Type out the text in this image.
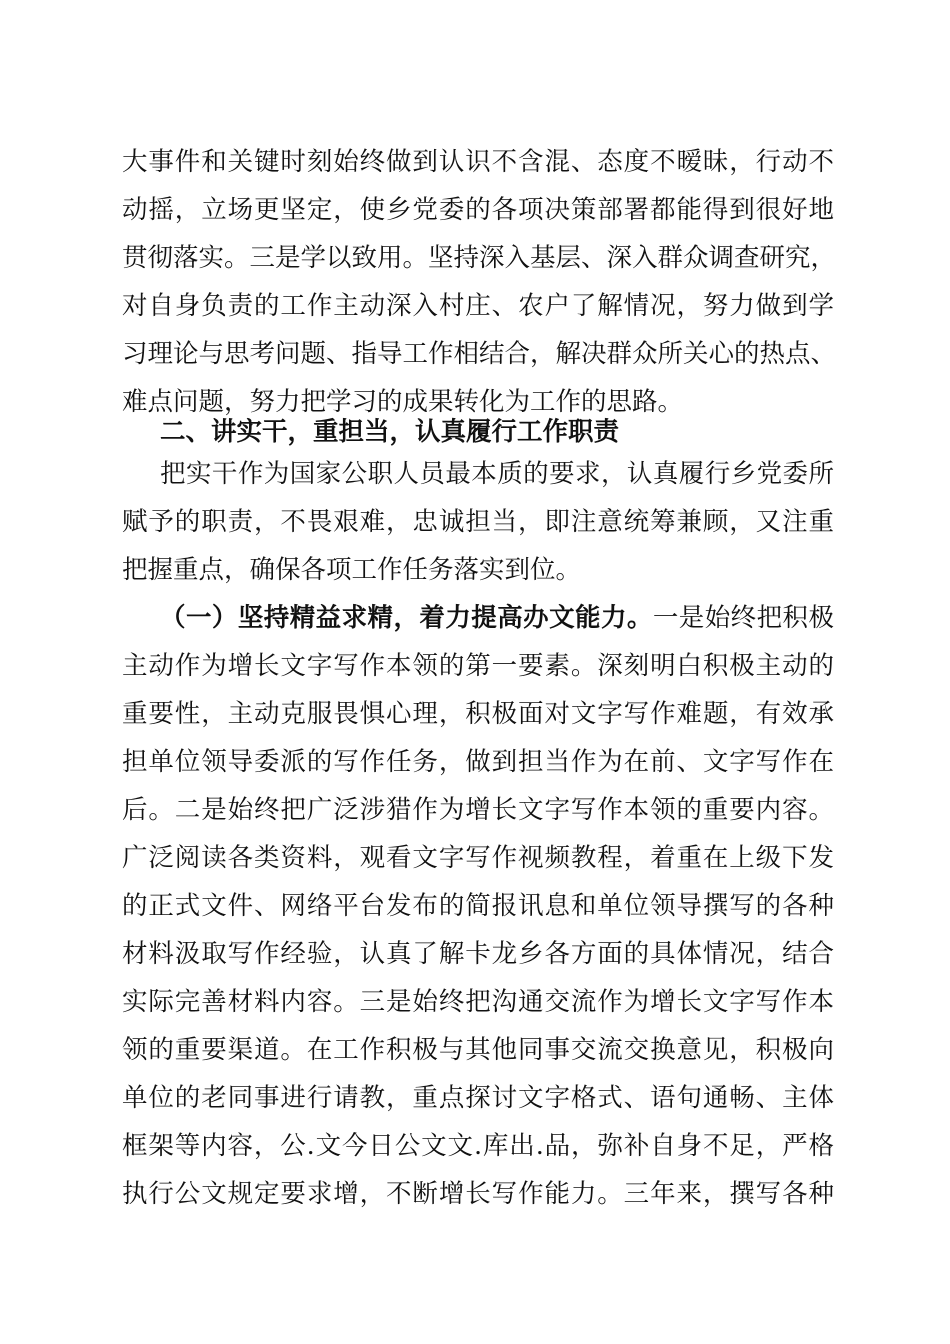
大事件和关键时刻始终做到认识不含混、态度不暧昧，行动不
动摇，立场更坚定，使乡党委的各项决策部署都能得到很好地
贯彻落实。三是学以致用。坚持深入基层、深入群众调查研究，
对自身负责的工作主动深入村庄、农户了解情况，努力做到学
习理论与思考问题、指导工作相结合，解决群众所关心的热点、
难点问题，努力把学习的成果转化为工作的思路。
二、讲实干，重担当，认真履行工作职责
把实干作为国家公职人员最本质的要求，认真履行乡党委所
赋予的职责，不畏艰难，忠诚担当，即注意统筹兼顾，又注重
把握重点，确保各项工作任务落实到位。
（一）坚持精益求精，着力提高办文能力。一是始终把积极
主动作为增长文字写作本领的第一要素。深刻明白积极主动的
重要性，主动克服畏惧心理，积极面对文字写作难题，有效承
担单位领导委派的写作任务，做到担当作为在前、文字写作在
后。二是始终把广泛涉猎作为增长文字写作本领的重要内容。
广泛阅读各类资料，观看文字写作视频教程，着重在上级下发
的正式文件、网络平台发布的简报讯息和单位领导撰写的各种
材料汲取写作经验，认真了解卡龙乡各方面的具体情况，结合
实际完善材料内容。三是始终把沟通交流作为增长文字写作本
领的重要渠道。在工作积极与其他同事交流交换意见，积极向
单位的老同事进行请教，重点探讨文字格式、语句通畅、主体
框架等内容，公.文今日公文文.库出.品，弥补自身不足，严格
执行公文规定要求增，不断增长写作能力。三年来，撰写各种
